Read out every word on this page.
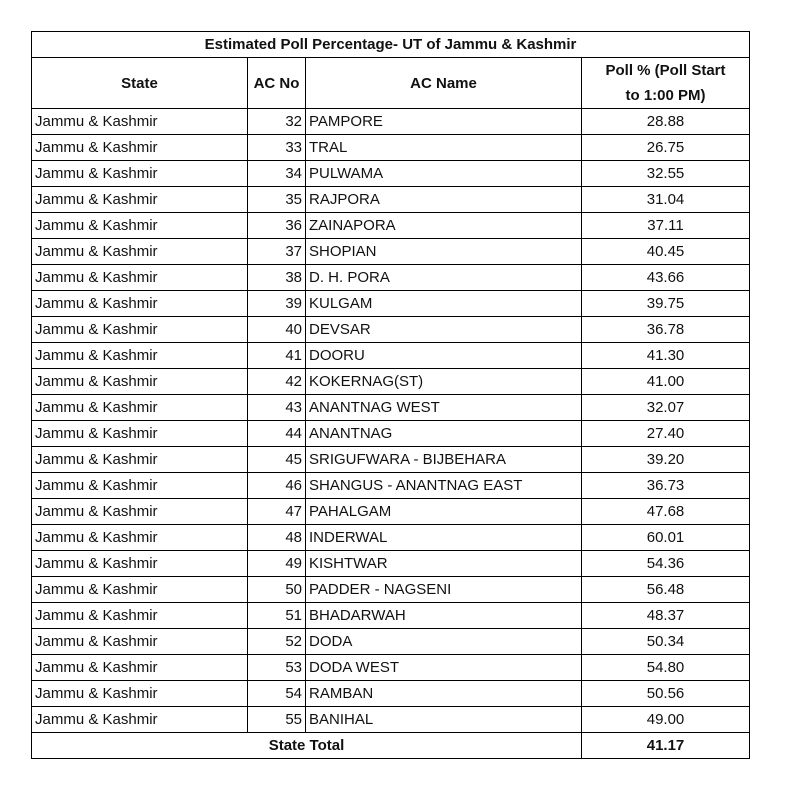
Estimated Poll Percentage- UT of Jammu & Kashmir			
State	AC No	AC Name	Poll % (Poll Start
to 1:00 PM)
Jammu & Kashmir	32	PAMPORE	28.88
Jammu & Kashmir	33	TRAL	26.75
Jammu & Kashmir	34	PULWAMA	32.55
Jammu & Kashmir	35	RAJPORA	31.04
Jammu & Kashmir	36	ZAINAPORA	37.11
Jammu & Kashmir	37	SHOPIAN	40.45
Jammu & Kashmir	38	D. H. PORA	43.66
Jammu & Kashmir	39	KULGAM	39.75
Jammu & Kashmir	40	DEVSAR	36.78
Jammu & Kashmir	41	DOORU	41.30
Jammu & Kashmir	42	KOKERNAG(ST)	41.00
Jammu & Kashmir	43	ANANTNAG WEST	32.07
Jammu & Kashmir	44	ANANTNAG	27.40
Jammu & Kashmir	45	SRIGUFWARA - BIJBEHARA	39.20
Jammu & Kashmir	46	SHANGUS - ANANTNAG EAST	36.73
Jammu & Kashmir	47	PAHALGAM	47.68
Jammu & Kashmir	48	INDERWAL	60.01
Jammu & Kashmir	49	KISHTWAR	54.36
Jammu & Kashmir	50	PADDER - NAGSENI	56.48
Jammu & Kashmir	51	BHADARWAH	48.37
Jammu & Kashmir	52	DODA	50.34
Jammu & Kashmir	53	DODA WEST	54.80
Jammu & Kashmir	54	RAMBAN	50.56
Jammu & Kashmir	55	BANIHAL	49.00
State Total			41.17
